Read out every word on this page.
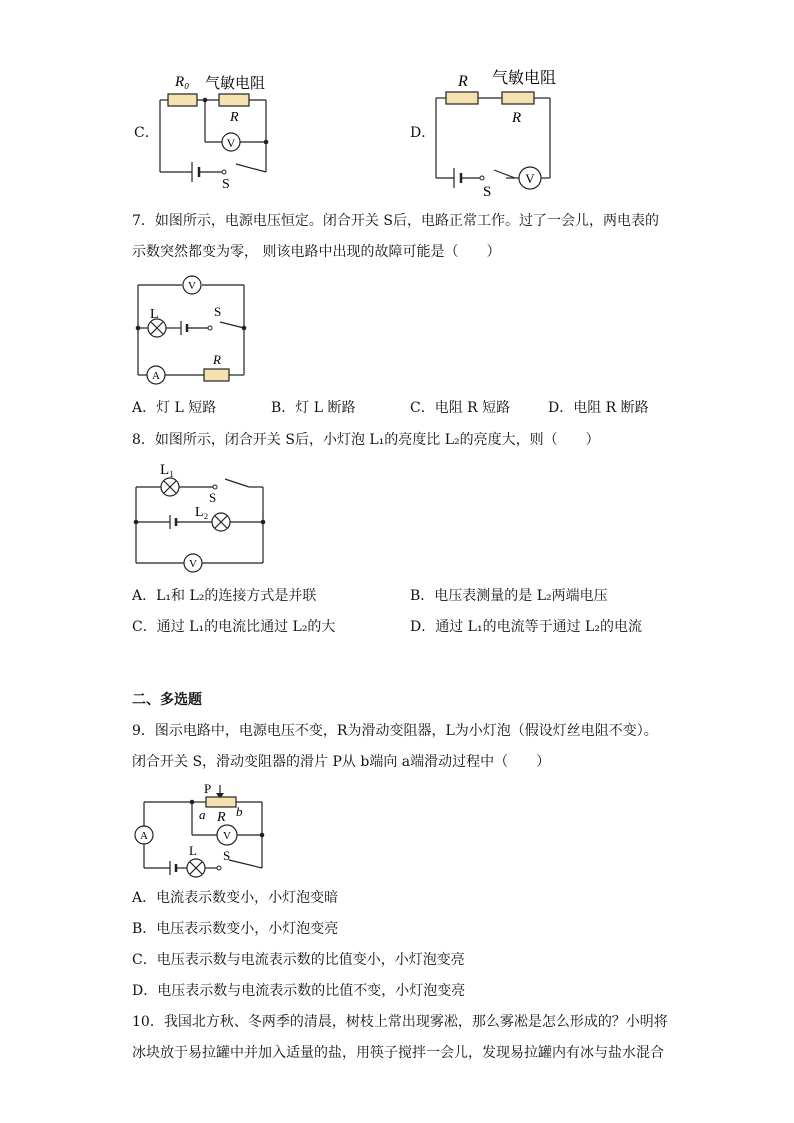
R₀ 气敏电阻
R
V
S
R 气敏电阻
R
V
S
V
L	S
A
R
L₁
S
L₂
V
P
a R b
A	V
L S
C．	D．
7．如图所示，电源电压恒定。闭合开关 S后，电路正常工作。过了一会儿，两电表的
示数突然都变为零， 则该电路中出现的故障可能是（　　）
A．灯 L 短路	B．灯 L 断路	C．电阻 R 短路	D．电阻 R 断路
8．如图所示，闭合开关 S后，小灯泡 L₁的亮度比 L₂的亮度大，则（　　）
A．L₁和 L₂的连接方式是并联	B．电压表测量的是 L₂两端电压
C．通过 L₁的电流比通过 L₂的大	D．通过 L₁的电流等于通过 L₂的电流
二、多选题
9．图示电路中，电源电压不变，R为滑动变阻器，L为小灯泡（假设灯丝电阻不变）。
闭合开关 S，滑动变阻器的滑片 P从 b端向 a端滑动过程中（　　）
A．电流表示数变小，小灯泡变暗
B．电压表示数变小，小灯泡变亮
C．电压表示数与电流表示数的比值变小，小灯泡变亮
D．电压表示数与电流表示数的比值不变，小灯泡变亮
10．我国北方秋、冬两季的清晨，树枝上常出现雾凇，那么雾凇是怎么形成的？小明将
冰块放于易拉罐中并加入适量的盐，用筷子搅拌一会儿，发现易拉罐内有冰与盐水混合
